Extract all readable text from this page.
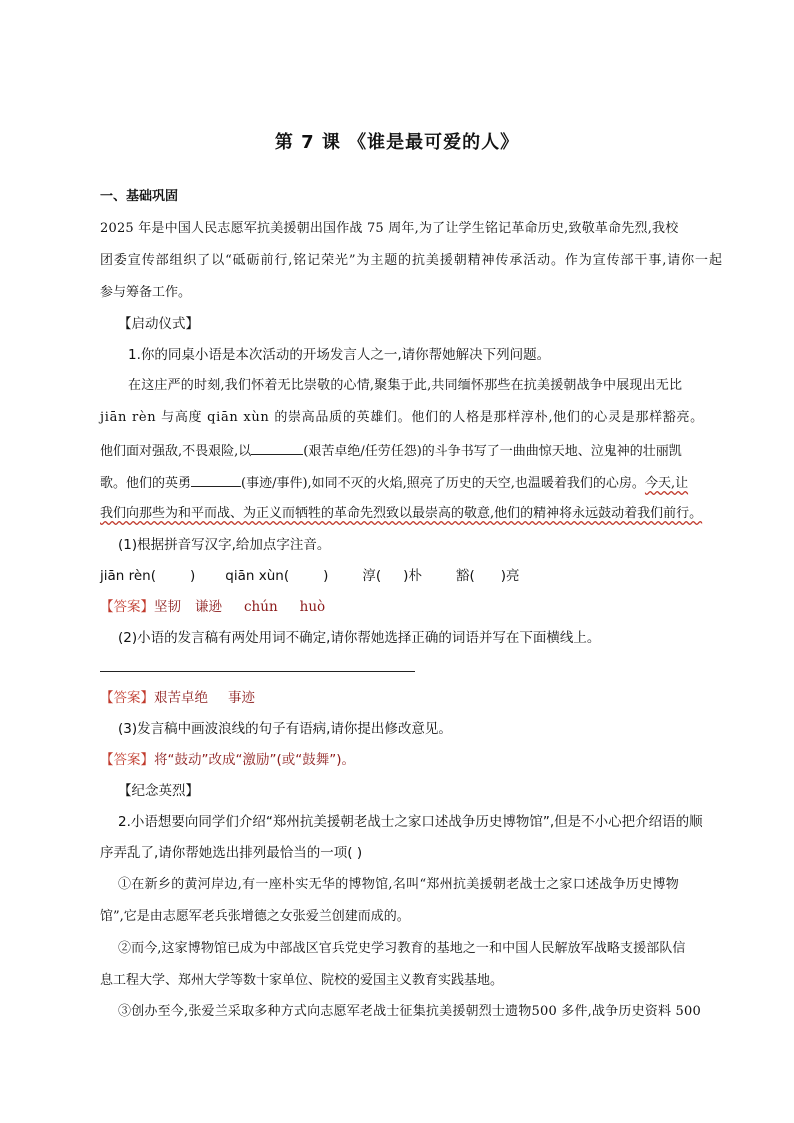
第 7 课 《谁是最可爱的人》
一、基础巩固
2025 年是中国人民志愿军抗美援朝出国作战 75 周年,为了让学生铭记革命历史,致敬革命先烈,我校
团委宣传部组织了以“砥砺前行,铭记荣光”为主题的抗美援朝精神传承活动。作为宣传部干事,请你一起
参与筹备工作。
【启动仪式】
1.你的同桌小语是本次活动的开场发言人之一,请你帮她解决下列问题。
在这庄严的时刻,我们怀着无比崇敬的心情,聚集于此,共同缅怀那些在抗美援朝战争中展现出无比
jiān rèn 与高度 qiān xùn 的崇高品质的英雄们。他们的人格是那样淳朴,他们的心灵是那样豁亮。
他们面对强敌,不畏艰险,以	(艰苦卓绝/任劳任怨)的斗争书写了一曲曲惊天地、泣鬼神的壮丽凯
歌。他们的英勇	(事迹/事件),如同不灭的火焰,照亮了历史的天空,也温暖着我们的心房。今天,让
我们向那些为和平而战、为正义而牺牲的革命先烈致以最崇高的敬意,他们的精神将永远鼓动着我们前行。
(1)根据拼音写汉字,给加点字注音。
jiān rèn(	) qiān xùn(	)	淳( )朴	豁( )亮
【答案】坚韧 谦逊 chún huò
(2)小语的发言稿有两处用词不确定,请你帮她选择正确的词语并写在下面横线上。
【答案】艰苦卓绝 事迹
(3)发言稿中画波浪线的句子有语病,请你提出修改意见。
【答案】将“鼓动”改成“激励”(或“鼓舞”)。
【纪念英烈】
2.小语想要向同学们介绍“郑州抗美援朝老战士之家口述战争历史博物馆”,但是不小心把介绍语的顺
序弄乱了,请你帮她选出排列最恰当的一项( )
①在新乡的黄河岸边,有一座朴实无华的博物馆,名叫“郑州抗美援朝老战士之家口述战争历史博物
馆”,它是由志愿军老兵张增德之女张爱兰创建而成的。
②而今,这家博物馆已成为中部战区官兵党史学习教育的基地之一和中国人民解放军战略支援部队信
息工程大学、郑州大学等数十家单位、院校的爱国主义教育实践基地。
③创办至今,张爱兰采取多种方式向志愿军老战士征集抗美援朝烈士遗物500 多件,战争历史资料 500
